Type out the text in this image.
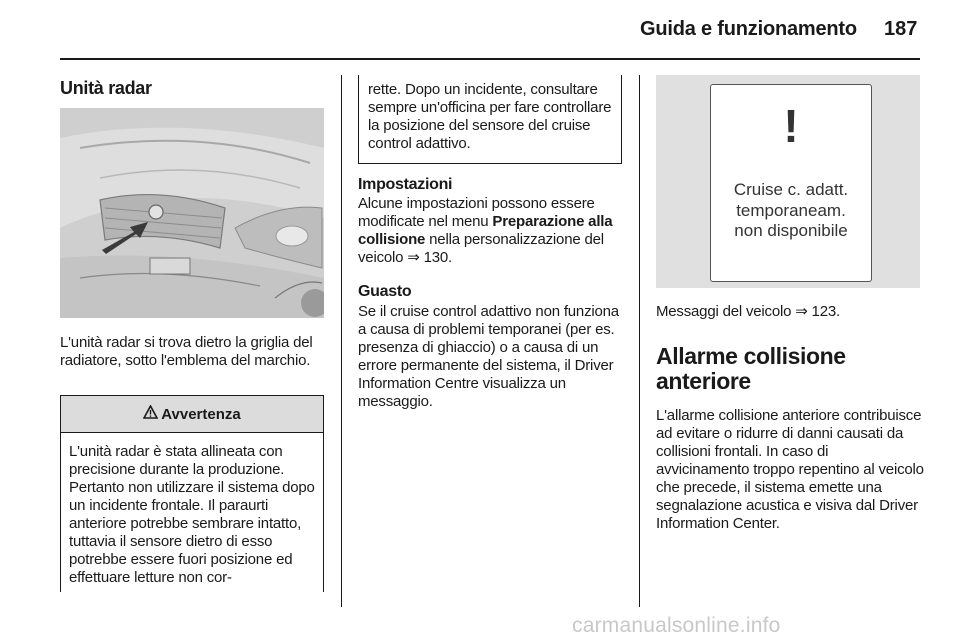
Guida e funzionamento 187
Unità radar
L'unità radar si trova dietro la griglia del radiatore, sotto l'emblema del marchio.
Avvertenza
L'unità radar è stata allineata con precisione durante la produzione. Pertanto non utilizzare il sistema dopo un incidente frontale. Il paraurti anteriore potrebbe sembrare intatto, tuttavia il sensore dietro di esso potrebbe essere fuori posizione ed effettuare letture non cor-
rette. Dopo un incidente, consultare sempre un'officina per fare controllare la posizione del sensore del cruise control adattivo.
Impostazioni
Alcune impostazioni possono essere modificate nel menu Preparazione alla collisione nella personalizzazione del veicolo ⇒ 130.
Guasto
Se il cruise control adattivo non funziona a causa di problemi temporanei (per es. presenza di ghiaccio) o a causa di un errore permanente del sistema, il Driver Information Centre visualizza un messaggio.
!
Cruise c. adatt.
temporaneam.
non disponibile
Messaggi del veicolo ⇒ 123.
Allarme collisione anteriore
L'allarme collisione anteriore contribuisce ad evitare o ridurre di danni causati da collisioni frontali. In caso di avvicinamento troppo repentino al veicolo che precede, il sistema emette una segnalazione acustica e visiva dal Driver Information Center.
carmanualsonline.info
